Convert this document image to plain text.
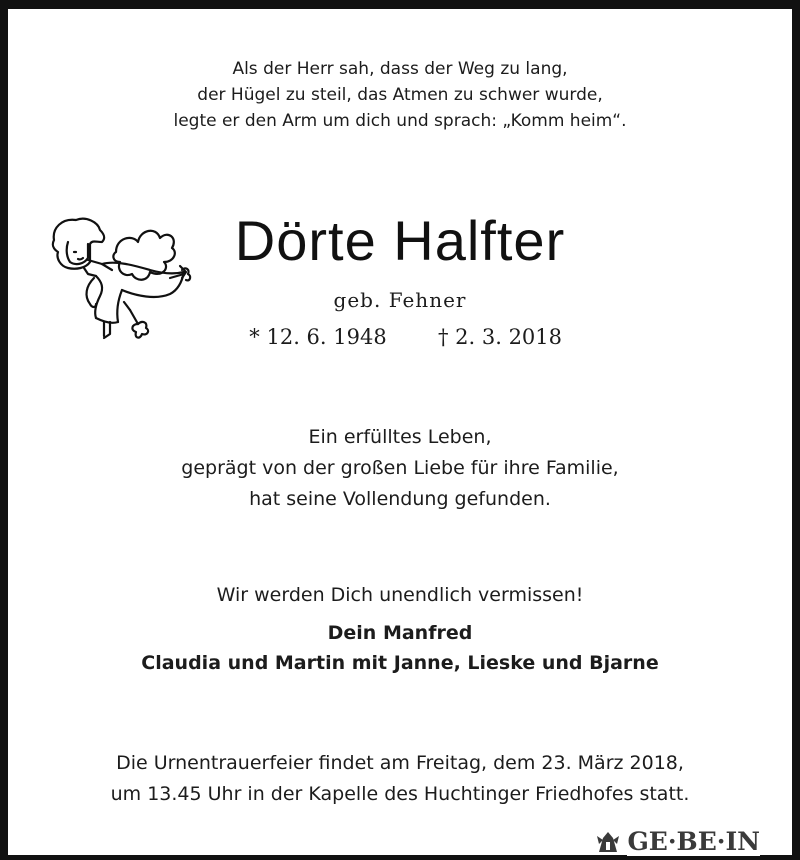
Als der Herr sah, dass der Weg zu lang,
der Hügel zu steil, das Atmen zu schwer wurde,
legte er den Arm um dich und sprach: „Komm heim“.
Dörte Halfter
geb. Fehner
* 12. 6. 1948	† 2. 3. 2018
Ein erfülltes Leben,
geprägt von der großen Liebe für ihre Familie,
hat seine Vollendung gefunden.
Wir werden Dich unendlich vermissen!
Dein Manfred
Claudia und Martin mit Janne, Lieske und Bjarne
Die Urnentrauerfeier findet am Freitag, dem 23. März 2018,
um 13.45 Uhr in der Kapelle des Huchtinger Friedhofes statt.
GE·BE·IN
